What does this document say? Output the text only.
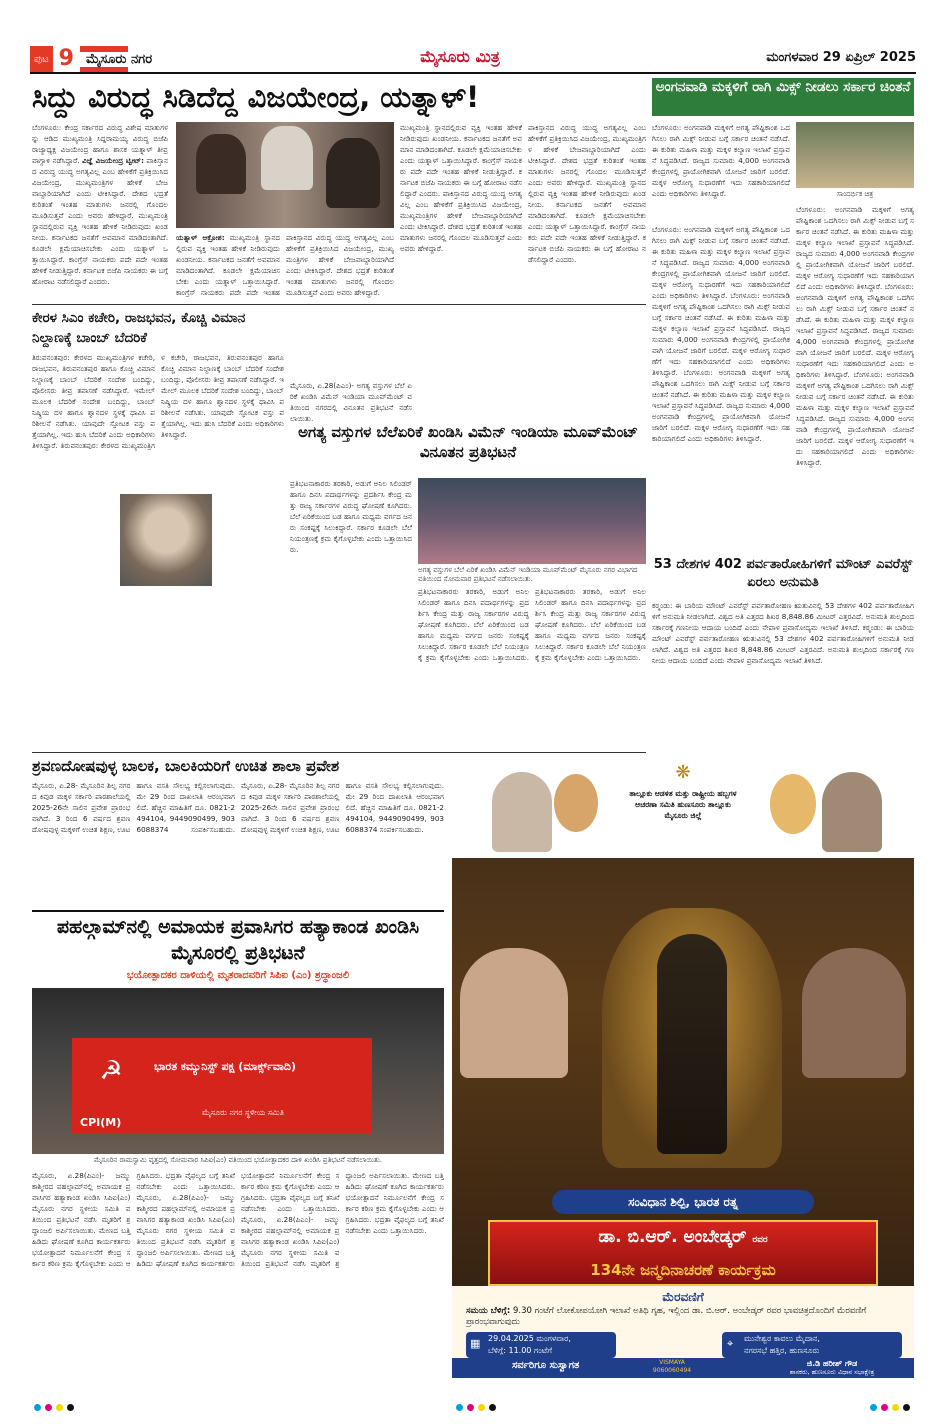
ಪುಟ 9 ಮೈಸೂರು ನಗರ	ಮೈಸೂರು ಮಿತ್ರ	ಮಂಗಳವಾರ 29 ಏಪ್ರಿಲ್ 2025
ಸಿದ್ದು ವಿರುದ್ಧ ಸಿಡಿದೆದ್ದ ವಿಜಯೇಂದ್ರ, ಯತ್ನಾಳ್!
ಬೆಂಗಳೂರು: ಕೇಂದ್ರ ಸರ್ಕಾರದ ವಿರುದ್ಧ ವಿಶೇಷ ಮಾತುಗಳನ್ನು ಆಡಿದ ಮುಖ್ಯಮಂತ್ರಿ ಸಿದ್ದರಾಮಯ್ಯ ವಿರುದ್ಧ ಬಿಜೆಪಿ ರಾಜ್ಯಾಧ್ಯಕ್ಷ ವಿಜಯೇಂದ್ರ ಹಾಗೂ ಶಾಸಕ ಯತ್ನಾಳ್ ತೀವ್ರ ವಾಗ್ದಾಳಿ ನಡೆಸಿದ್ದಾರೆ. ವಿಜ್ಞೆ ವಿಜಯೇಂದ್ರ ಟ್ವೀಟ್: ಪಾಕಿಸ್ತಾನದ ವಿರುದ್ಧ ಯುದ್ಧ ಅಗತ್ಯವಿಲ್ಲ ಎಂಬ ಹೇಳಿಕೆಗೆ ಪ್ರತಿಕ್ರಿಯಿಸಿದ ವಿಜಯೇಂದ್ರ, ಮುಖ್ಯಮಂತ್ರಿಗಳ ಹೇಳಿಕೆ ಬೇಜವಾಬ್ದಾರಿಯಾಗಿದೆ ಎಂದು ಟೀಕಿಸಿದ್ದಾರೆ. ದೇಶದ ಭದ್ರತೆ ಕುರಿತಂತೆ ಇಂತಹ ಮಾತುಗಳು ಜನರಲ್ಲಿ ಗೊಂದಲ ಮೂಡಿಸುತ್ತವೆ ಎಂದು ಅವರು ಹೇಳಿದ್ದಾರೆ. ಮುಖ್ಯಮಂತ್ರಿ ಸ್ಥಾನದಲ್ಲಿರುವ ವ್ಯಕ್ತಿ ಇಂತಹ ಹೇಳಿಕೆ ನೀಡಿರುವುದು ಖಂಡನೀಯ. ಕರ್ನಾಟಕದ ಜನತೆಗೆ ಅವಮಾನ ಮಾಡಿದಂತಾಗಿದೆ. ಕೂಡಲೇ ಕ್ಷಮೆಯಾಚಿಸಬೇಕು ಎಂದು ಯತ್ನಾಳ್ ಒತ್ತಾಯಿಸಿದ್ದಾರೆ. ಕಾಂಗ್ರೆಸ್ ನಾಯಕರು ಪದೇ ಪದೇ ಇಂತಹ ಹೇಳಿಕೆ ನೀಡುತ್ತಿದ್ದಾರೆ. ಕರ್ನಾಟಕ ಬಿಜೆಪಿ ನಾಯಕರು ಈ ಬಗ್ಗೆ ಹೋರಾಟ ನಡೆಸಲಿದ್ದಾರೆ ಎಂದರು.
ಯತ್ನಾಳ್ ಆಕ್ರೋಶ: ಮುಖ್ಯಮಂತ್ರಿ ಸ್ಥಾನದಲ್ಲಿರುವ ವ್ಯಕ್ತಿ ಇಂತಹ ಹೇಳಿಕೆ ನೀಡಿರುವುದು ಖಂಡನೀಯ. ಕರ್ನಾಟಕದ ಜನತೆಗೆ ಅವಮಾನ ಮಾಡಿದಂತಾಗಿದೆ. ಕೂಡಲೇ ಕ್ಷಮೆಯಾಚಿಸಬೇಕು ಎಂದು ಯತ್ನಾಳ್ ಒತ್ತಾಯಿಸಿದ್ದಾರೆ. ಕಾಂಗ್ರೆಸ್ ನಾಯಕರು ಪದೇ ಪದೇ ಇಂತಹ
ಪಾಕಿಸ್ತಾನದ ವಿರುದ್ಧ ಯುದ್ಧ ಅಗತ್ಯವಿಲ್ಲ ಎಂಬ ಹೇಳಿಕೆಗೆ ಪ್ರತಿಕ್ರಿಯಿಸಿದ ವಿಜಯೇಂದ್ರ, ಮುಖ್ಯಮಂತ್ರಿಗಳ ಹೇಳಿಕೆ ಬೇಜವಾಬ್ದಾರಿಯಾಗಿದೆ ಎಂದು ಟೀಕಿಸಿದ್ದಾರೆ. ದೇಶದ ಭದ್ರತೆ ಕುರಿತಂತೆ ಇಂತಹ ಮಾತುಗಳು ಜನರಲ್ಲಿ ಗೊಂದಲ ಮೂಡಿಸುತ್ತವೆ ಎಂದು ಅವರು ಹೇಳಿದ್ದಾರೆ.
ಮುಖ್ಯಮಂತ್ರಿ ಸ್ಥಾನದಲ್ಲಿರುವ ವ್ಯಕ್ತಿ ಇಂತಹ ಹೇಳಿಕೆ ನೀಡಿರುವುದು ಖಂಡನೀಯ. ಕರ್ನಾಟಕದ ಜನತೆಗೆ ಅವಮಾನ ಮಾಡಿದಂತಾಗಿದೆ. ಕೂಡಲೇ ಕ್ಷಮೆಯಾಚಿಸಬೇಕು ಎಂದು ಯತ್ನಾಳ್ ಒತ್ತಾಯಿಸಿದ್ದಾರೆ. ಕಾಂಗ್ರೆಸ್ ನಾಯಕರು ಪದೇ ಪದೇ ಇಂತಹ ಹೇಳಿಕೆ ನೀಡುತ್ತಿದ್ದಾರೆ. ಕರ್ನಾಟಕ ಬಿಜೆಪಿ ನಾಯಕರು ಈ ಬಗ್ಗೆ ಹೋರಾಟ ನಡೆಸಲಿದ್ದಾರೆ ಎಂದರು. ಪಾಕಿಸ್ತಾನದ ವಿರುದ್ಧ ಯುದ್ಧ ಅಗತ್ಯವಿಲ್ಲ ಎಂಬ ಹೇಳಿಕೆಗೆ ಪ್ರತಿಕ್ರಿಯಿಸಿದ ವಿಜಯೇಂದ್ರ, ಮುಖ್ಯಮಂತ್ರಿಗಳ ಹೇಳಿಕೆ ಬೇಜವಾಬ್ದಾರಿಯಾಗಿದೆ ಎಂದು ಟೀಕಿಸಿದ್ದಾರೆ. ದೇಶದ ಭದ್ರತೆ ಕುರಿತಂತೆ ಇಂತಹ ಮಾತುಗಳು ಜನರಲ್ಲಿ ಗೊಂದಲ ಮೂಡಿಸುತ್ತವೆ ಎಂದು ಅವರು ಹೇಳಿದ್ದಾರೆ.
ಪಾಕಿಸ್ತಾನದ ವಿರುದ್ಧ ಯುದ್ಧ ಅಗತ್ಯವಿಲ್ಲ ಎಂಬ ಹೇಳಿಕೆಗೆ ಪ್ರತಿಕ್ರಿಯಿಸಿದ ವಿಜಯೇಂದ್ರ, ಮುಖ್ಯಮಂತ್ರಿಗಳ ಹೇಳಿಕೆ ಬೇಜವಾಬ್ದಾರಿಯಾಗಿದೆ ಎಂದು ಟೀಕಿಸಿದ್ದಾರೆ. ದೇಶದ ಭದ್ರತೆ ಕುರಿತಂತೆ ಇಂತಹ ಮಾತುಗಳು ಜನರಲ್ಲಿ ಗೊಂದಲ ಮೂಡಿಸುತ್ತವೆ ಎಂದು ಅವರು ಹೇಳಿದ್ದಾರೆ. ಮುಖ್ಯಮಂತ್ರಿ ಸ್ಥಾನದಲ್ಲಿರುವ ವ್ಯಕ್ತಿ ಇಂತಹ ಹೇಳಿಕೆ ನೀಡಿರುವುದು ಖಂಡನೀಯ. ಕರ್ನಾಟಕದ ಜನತೆಗೆ ಅವಮಾನ ಮಾಡಿದಂತಾಗಿದೆ. ಕೂಡಲೇ ಕ್ಷಮೆಯಾಚಿಸಬೇಕು ಎಂದು ಯತ್ನಾಳ್ ಒತ್ತಾಯಿಸಿದ್ದಾರೆ. ಕಾಂಗ್ರೆಸ್ ನಾಯಕರು ಪದೇ ಪದೇ ಇಂತಹ ಹೇಳಿಕೆ ನೀಡುತ್ತಿದ್ದಾರೆ. ಕರ್ನಾಟಕ ಬಿಜೆಪಿ ನಾಯಕರು ಈ ಬಗ್ಗೆ ಹೋರಾಟ ನಡೆಸಲಿದ್ದಾರೆ ಎಂದರು.
ಅಂಗನವಾಡಿ ಮಕ್ಕಳಿಗೆ ರಾಗಿ ಮಿಕ್ಸ್ ನೀಡಲು ಸರ್ಕಾರ ಚಿಂತನೆ
ಬೆಂಗಳೂರು: ಅಂಗನವಾಡಿ ಮಕ್ಕಳಿಗೆ ಅಗತ್ಯ ಪೌಷ್ಟಿಕಾಂಶ ಒದಗಿಸಲು ರಾಗಿ ಮಿಕ್ಸ್ ನೀಡುವ ಬಗ್ಗೆ ಸರ್ಕಾರ ಚಿಂತನೆ ನಡೆಸಿದೆ. ಈ ಕುರಿತು ಮಹಿಳಾ ಮತ್ತು ಮಕ್ಕಳ ಕಲ್ಯಾಣ ಇಲಾಖೆ ಪ್ರಸ್ತಾವನೆ ಸಿದ್ಧಪಡಿಸಿದೆ. ರಾಜ್ಯದ ಸುಮಾರು 4,000 ಅಂಗನವಾಡಿ ಕೇಂದ್ರಗಳಲ್ಲಿ ಪ್ರಾಯೋಗಿಕವಾಗಿ ಯೋಜನೆ ಜಾರಿಗೆ ಬರಲಿದೆ. ಮಕ್ಕಳ ಆರೋಗ್ಯ ಸುಧಾರಣೆಗೆ ಇದು ಸಹಕಾರಿಯಾಗಲಿದೆ ಎಂದು ಅಧಿಕಾರಿಗಳು ತಿಳಿಸಿದ್ದಾರೆ.	ಸಾಂದರ್ಭಿಕ ಚಿತ್ರ
ಬೆಂಗಳೂರು: ಅಂಗನವಾಡಿ ಮಕ್ಕಳಿಗೆ ಅಗತ್ಯ ಪೌಷ್ಟಿಕಾಂಶ ಒದಗಿಸಲು ರಾಗಿ ಮಿಕ್ಸ್ ನೀಡುವ ಬಗ್ಗೆ ಸರ್ಕಾರ ಚಿಂತನೆ ನಡೆಸಿದೆ. ಈ ಕುರಿತು ಮಹಿಳಾ ಮತ್ತು ಮಕ್ಕಳ ಕಲ್ಯಾಣ ಇಲಾಖೆ ಪ್ರಸ್ತಾವನೆ ಸಿದ್ಧಪಡಿಸಿದೆ. ರಾಜ್ಯದ ಸುಮಾರು 4,000 ಅಂಗನವಾಡಿ ಕೇಂದ್ರಗಳಲ್ಲಿ ಪ್ರಾಯೋಗಿಕವಾಗಿ ಯೋಜನೆ ಜಾರಿಗೆ ಬರಲಿದೆ. ಮಕ್ಕಳ ಆರೋಗ್ಯ ಸುಧಾರಣೆಗೆ ಇದು ಸಹಕಾರಿಯಾಗಲಿದೆ ಎಂದು ಅಧಿಕಾರಿಗಳು ತಿಳಿಸಿದ್ದಾರೆ. ಬೆಂಗಳೂರು: ಅಂಗನವಾಡಿ ಮಕ್ಕಳಿಗೆ ಅಗತ್ಯ ಪೌಷ್ಟಿಕಾಂಶ ಒದಗಿಸಲು ರಾಗಿ ಮಿಕ್ಸ್ ನೀಡುವ ಬಗ್ಗೆ ಸರ್ಕಾರ ಚಿಂತನೆ ನಡೆಸಿದೆ. ಈ ಕುರಿತು ಮಹಿಳಾ ಮತ್ತು ಮಕ್ಕಳ ಕಲ್ಯಾಣ ಇಲಾಖೆ ಪ್ರಸ್ತಾವನೆ ಸಿದ್ಧಪಡಿಸಿದೆ. ರಾಜ್ಯದ ಸುಮಾರು 4,000 ಅಂಗನವಾಡಿ ಕೇಂದ್ರಗಳಲ್ಲಿ ಪ್ರಾಯೋಗಿಕವಾಗಿ ಯೋಜನೆ ಜಾರಿಗೆ ಬರಲಿದೆ. ಮಕ್ಕಳ ಆರೋಗ್ಯ ಸುಧಾರಣೆಗೆ ಇದು ಸಹಕಾರಿಯಾಗಲಿದೆ ಎಂದು ಅಧಿಕಾರಿಗಳು ತಿಳಿಸಿದ್ದಾರೆ. ಬೆಂಗಳೂರು: ಅಂಗನವಾಡಿ ಮಕ್ಕಳಿಗೆ ಅಗತ್ಯ ಪೌಷ್ಟಿಕಾಂಶ ಒದಗಿಸಲು ರಾಗಿ ಮಿಕ್ಸ್ ನೀಡುವ ಬಗ್ಗೆ ಸರ್ಕಾರ ಚಿಂತನೆ ನಡೆಸಿದೆ. ಈ ಕುರಿತು ಮಹಿಳಾ ಮತ್ತು ಮಕ್ಕಳ ಕಲ್ಯಾಣ ಇಲಾಖೆ ಪ್ರಸ್ತಾವನೆ ಸಿದ್ಧಪಡಿಸಿದೆ. ರಾಜ್ಯದ ಸುಮಾರು 4,000 ಅಂಗನವಾಡಿ ಕೇಂದ್ರಗಳಲ್ಲಿ ಪ್ರಾಯೋಗಿಕವಾಗಿ ಯೋಜನೆ ಜಾರಿಗೆ ಬರಲಿದೆ. ಮಕ್ಕಳ ಆರೋಗ್ಯ ಸುಧಾರಣೆಗೆ ಇದು ಸಹಕಾರಿಯಾಗಲಿದೆ ಎಂದು ಅಧಿಕಾರಿಗಳು ತಿಳಿಸಿದ್ದಾರೆ.
ಬೆಂಗಳೂರು: ಅಂಗನವಾಡಿ ಮಕ್ಕಳಿಗೆ ಅಗತ್ಯ ಪೌಷ್ಟಿಕಾಂಶ ಒದಗಿಸಲು ರಾಗಿ ಮಿಕ್ಸ್ ನೀಡುವ ಬಗ್ಗೆ ಸರ್ಕಾರ ಚಿಂತನೆ ನಡೆಸಿದೆ. ಈ ಕುರಿತು ಮಹಿಳಾ ಮತ್ತು ಮಕ್ಕಳ ಕಲ್ಯಾಣ ಇಲಾಖೆ ಪ್ರಸ್ತಾವನೆ ಸಿದ್ಧಪಡಿಸಿದೆ. ರಾಜ್ಯದ ಸುಮಾರು 4,000 ಅಂಗನವಾಡಿ ಕೇಂದ್ರಗಳಲ್ಲಿ ಪ್ರಾಯೋಗಿಕವಾಗಿ ಯೋಜನೆ ಜಾರಿಗೆ ಬರಲಿದೆ. ಮಕ್ಕಳ ಆರೋಗ್ಯ ಸುಧಾರಣೆಗೆ ಇದು ಸಹಕಾರಿಯಾಗಲಿದೆ ಎಂದು ಅಧಿಕಾರಿಗಳು ತಿಳಿಸಿದ್ದಾರೆ. ಬೆಂಗಳೂರು: ಅಂಗನವಾಡಿ ಮಕ್ಕಳಿಗೆ ಅಗತ್ಯ ಪೌಷ್ಟಿಕಾಂಶ ಒದಗಿಸಲು ರಾಗಿ ಮಿಕ್ಸ್ ನೀಡುವ ಬಗ್ಗೆ ಸರ್ಕಾರ ಚಿಂತನೆ ನಡೆಸಿದೆ. ಈ ಕುರಿತು ಮಹಿಳಾ ಮತ್ತು ಮಕ್ಕಳ ಕಲ್ಯಾಣ ಇಲಾಖೆ ಪ್ರಸ್ತಾವನೆ ಸಿದ್ಧಪಡಿಸಿದೆ. ರಾಜ್ಯದ ಸುಮಾರು 4,000 ಅಂಗನವಾಡಿ ಕೇಂದ್ರಗಳಲ್ಲಿ ಪ್ರಾಯೋಗಿಕವಾಗಿ ಯೋಜನೆ ಜಾರಿಗೆ ಬರಲಿದೆ. ಮಕ್ಕಳ ಆರೋಗ್ಯ ಸುಧಾರಣೆಗೆ ಇದು ಸಹಕಾರಿಯಾಗಲಿದೆ ಎಂದು ಅಧಿಕಾರಿಗಳು ತಿಳಿಸಿದ್ದಾರೆ. ಬೆಂಗಳೂರು: ಅಂಗನವಾಡಿ ಮಕ್ಕಳಿಗೆ ಅಗತ್ಯ ಪೌಷ್ಟಿಕಾಂಶ ಒದಗಿಸಲು ರಾಗಿ ಮಿಕ್ಸ್ ನೀಡುವ ಬಗ್ಗೆ ಸರ್ಕಾರ ಚಿಂತನೆ ನಡೆಸಿದೆ. ಈ ಕುರಿತು ಮಹಿಳಾ ಮತ್ತು ಮಕ್ಕಳ ಕಲ್ಯಾಣ ಇಲಾಖೆ ಪ್ರಸ್ತಾವನೆ ಸಿದ್ಧಪಡಿಸಿದೆ. ರಾಜ್ಯದ ಸುಮಾರು 4,000 ಅಂಗನವಾಡಿ ಕೇಂದ್ರಗಳಲ್ಲಿ ಪ್ರಾಯೋಗಿಕವಾಗಿ ಯೋಜನೆ ಜಾರಿಗೆ ಬರಲಿದೆ. ಮಕ್ಕಳ ಆರೋಗ್ಯ ಸುಧಾರಣೆಗೆ ಇದು ಸಹಕಾರಿಯಾಗಲಿದೆ ಎಂದು ಅಧಿಕಾರಿಗಳು ತಿಳಿಸಿದ್ದಾರೆ.
ಕೇರಳ ಸಿಎಂ ಕಚೇರಿ, ರಾಜಭವನ, ಕೊಚ್ಚಿ ವಿಮಾನ ನಿಲ್ದಾಣಕ್ಕೆ ಬಾಂಬ್ ಬೆದರಿಕೆ
ತಿರುವನಂತಪುರ: ಕೇರಳದ ಮುಖ್ಯಮಂತ್ರಿಗಳ ಕಚೇರಿ, ರಾಜಭವನ, ತಿರುವನಂತಪುರ ಹಾಗೂ ಕೊಚ್ಚಿ ವಿಮಾನ ನಿಲ್ದಾಣಕ್ಕೆ ಬಾಂಬ್ ಬೆದರಿಕೆ ಸಂದೇಶ ಬಂದಿದ್ದು, ಪೊಲೀಸರು ತೀವ್ರ ತಪಾಸಣೆ ನಡೆಸಿದ್ದಾರೆ. ಇಮೇಲ್ ಮೂಲಕ ಬೆದರಿಕೆ ಸಂದೇಶ ಬಂದಿದ್ದು, ಬಾಂಬ್ ನಿಷ್ಕ್ರಿಯ ದಳ ಹಾಗೂ ಶ್ವಾನದಳ ಸ್ಥಳಕ್ಕೆ ಧಾವಿಸಿ ಪರಿಶೀಲನೆ ನಡೆಸಿತು. ಯಾವುದೇ ಸ್ಫೋಟಕ ವಸ್ತು ಪತ್ತೆಯಾಗಿಲ್ಲ. ಇದು ಹುಸಿ ಬೆದರಿಕೆ ಎಂದು ಅಧಿಕಾರಿಗಳು ತಿಳಿಸಿದ್ದಾರೆ. ತಿರುವನಂತಪುರ: ಕೇರಳದ ಮುಖ್ಯಮಂತ್ರಿಗಳ ಕಚೇರಿ, ರಾಜಭವನ, ತಿರುವನಂತಪುರ ಹಾಗೂ ಕೊಚ್ಚಿ ವಿಮಾನ ನಿಲ್ದಾಣಕ್ಕೆ ಬಾಂಬ್ ಬೆದರಿಕೆ ಸಂದೇಶ ಬಂದಿದ್ದು, ಪೊಲೀಸರು ತೀವ್ರ ತಪಾಸಣೆ ನಡೆಸಿದ್ದಾರೆ. ಇಮೇಲ್ ಮೂಲಕ ಬೆದರಿಕೆ ಸಂದೇಶ ಬಂದಿದ್ದು, ಬಾಂಬ್ ನಿಷ್ಕ್ರಿಯ ದಳ ಹಾಗೂ ಶ್ವಾನದಳ ಸ್ಥಳಕ್ಕೆ ಧಾವಿಸಿ ಪರಿಶೀಲನೆ ನಡೆಸಿತು. ಯಾವುದೇ ಸ್ಫೋಟಕ ವಸ್ತು ಪತ್ತೆಯಾಗಿಲ್ಲ. ಇದು ಹುಸಿ ಬೆದರಿಕೆ ಎಂದು ಅಧಿಕಾರಿಗಳು ತಿಳಿಸಿದ್ದಾರೆ.	ಅಗತ್ಯ ವಸ್ತುಗಳ ಬೆಲೆಏರಿಕೆ ಖಂಡಿಸಿ ವಿಮೆನ್ ಇಂಡಿಯಾ ಮೂವ್‌ಮೆಂಟ್ ವಿನೂತನ ಪ್ರತಿಭಟನೆ
ಮೈಸೂರು, ಏ.28(ಪಿಎಂ)- ಅಗತ್ಯ ವಸ್ತುಗಳ ಬೆಲೆ ಏರಿಕೆ ಖಂಡಿಸಿ ವಿಮೆನ್ ಇಂಡಿಯಾ ಮೂವ್‌ಮೆಂಟ್ ವತಿಯಿಂದ ನಗರದಲ್ಲಿ ವಿನೂತನ ಪ್ರತಿಭಟನೆ ನಡೆಸಲಾಯಿತು.
ಅಗತ್ಯ ವಸ್ತುಗಳ ಬೆಲೆ ಏರಿಕೆ ಖಂಡಿಸಿ ವಿಮೆನ್ ಇಂಡಿಯಾ ಮೂವ್‌ಮೆಂಟ್ ಮೈಸೂರು ನಗರ ವಿಭಾಗದ ವತಿಯಿಂದ ಸೋಮವಾರ ಪ್ರತಿಭಟನೆ ನಡೆಸಲಾಯಿತು.
ಪ್ರತಿಭಟನಾಕಾರರು ತರಕಾರಿ, ಅಡುಗೆ ಅನಿಲ ಸಿಲಿಂಡರ್ ಹಾಗೂ ದಿನಸಿ ಪದಾರ್ಥಗಳನ್ನು ಪ್ರದರ್ಶಿಸಿ ಕೇಂದ್ರ ಮತ್ತು ರಾಜ್ಯ ಸರ್ಕಾರಗಳ ವಿರುದ್ಧ ಘೋಷಣೆ ಕೂಗಿದರು. ಬೆಲೆ ಏರಿಕೆಯಿಂದ ಬಡ ಹಾಗೂ ಮಧ್ಯಮ ವರ್ಗದ ಜನರು ಸಂಕಷ್ಟಕ್ಕೆ ಸಿಲುಕಿದ್ದಾರೆ. ಸರ್ಕಾರ ಕೂಡಲೇ ಬೆಲೆ ನಿಯಂತ್ರಣಕ್ಕೆ ಕ್ರಮ ಕೈಗೊಳ್ಳಬೇಕು ಎಂದು ಒತ್ತಾಯಿಸಿದರು.
ಪ್ರತಿಭಟನಾಕಾರರು ತರಕಾರಿ, ಅಡುಗೆ ಅನಿಲ ಸಿಲಿಂಡರ್ ಹಾಗೂ ದಿನಸಿ ಪದಾರ್ಥಗಳನ್ನು ಪ್ರದರ್ಶಿಸಿ ಕೇಂದ್ರ ಮತ್ತು ರಾಜ್ಯ ಸರ್ಕಾರಗಳ ವಿರುದ್ಧ ಘೋಷಣೆ ಕೂಗಿದರು. ಬೆಲೆ ಏರಿಕೆಯಿಂದ ಬಡ ಹಾಗೂ ಮಧ್ಯಮ ವರ್ಗದ ಜನರು ಸಂಕಷ್ಟಕ್ಕೆ ಸಿಲುಕಿದ್ದಾರೆ. ಸರ್ಕಾರ ಕೂಡಲೇ ಬೆಲೆ ನಿಯಂತ್ರಣಕ್ಕೆ ಕ್ರಮ ಕೈಗೊಳ್ಳಬೇಕು ಎಂದು ಒತ್ತಾಯಿಸಿದರು. ಪ್ರತಿಭಟನಾಕಾರರು ತರಕಾರಿ, ಅಡುಗೆ ಅನಿಲ ಸಿಲಿಂಡರ್ ಹಾಗೂ ದಿನಸಿ ಪದಾರ್ಥಗಳನ್ನು ಪ್ರದರ್ಶಿಸಿ ಕೇಂದ್ರ ಮತ್ತು ರಾಜ್ಯ ಸರ್ಕಾರಗಳ ವಿರುದ್ಧ ಘೋಷಣೆ ಕೂಗಿದರು. ಬೆಲೆ ಏರಿಕೆಯಿಂದ ಬಡ ಹಾಗೂ ಮಧ್ಯಮ ವರ್ಗದ ಜನರು ಸಂಕಷ್ಟಕ್ಕೆ ಸಿಲುಕಿದ್ದಾರೆ. ಸರ್ಕಾರ ಕೂಡಲೇ ಬೆಲೆ ನಿಯಂತ್ರಣಕ್ಕೆ ಕ್ರಮ ಕೈಗೊಳ್ಳಬೇಕು ಎಂದು ಒತ್ತಾಯಿಸಿದರು.
53 ದೇಶಗಳ 402 ಪರ್ವತಾರೋಹಿಗಳಿಗೆ ಮೌಂಟ್ ಎವರೆಸ್ಟ್ ಏರಲು ಅನುಮತಿ
ಕಠ್ಮಂಡು: ಈ ಬಾರಿಯ ಮೌಂಟ್ ಎವರೆಸ್ಟ್ ಪರ್ವತಾರೋಹಣ ಋತುವಿನಲ್ಲಿ 53 ದೇಶಗಳ 402 ಪರ್ವತಾರೋಹಿಗಳಿಗೆ ಅನುಮತಿ ನೀಡಲಾಗಿದೆ. ವಿಶ್ವದ ಅತಿ ಎತ್ತರದ ಶಿಖರ 8,848.86 ಮೀಟರ್ ಎತ್ತರವಿದೆ. ಅನುಮತಿ ಶುಲ್ಕದಿಂದ ಸರ್ಕಾರಕ್ಕೆ ಗಣನೀಯ ಆದಾಯ ಬಂದಿದೆ ಎಂದು ನೇಪಾಳ ಪ್ರವಾಸೋದ್ಯಮ ಇಲಾಖೆ ತಿಳಿಸಿದೆ. ಕಠ್ಮಂಡು: ಈ ಬಾರಿಯ ಮೌಂಟ್ ಎವರೆಸ್ಟ್ ಪರ್ವತಾರೋಹಣ ಋತುವಿನಲ್ಲಿ 53 ದೇಶಗಳ 402 ಪರ್ವತಾರೋಹಿಗಳಿಗೆ ಅನುಮತಿ ನೀಡಲಾಗಿದೆ. ವಿಶ್ವದ ಅತಿ ಎತ್ತರದ ಶಿಖರ 8,848.86 ಮೀಟರ್ ಎತ್ತರವಿದೆ. ಅನುಮತಿ ಶುಲ್ಕದಿಂದ ಸರ್ಕಾರಕ್ಕೆ ಗಣನೀಯ ಆದಾಯ ಬಂದಿದೆ ಎಂದು ನೇಪಾಳ ಪ್ರವಾಸೋದ್ಯಮ ಇಲಾಖೆ ತಿಳಿಸಿದೆ.
ಶ್ರವಣದೋಷವುಳ್ಳ ಬಾಲಕ, ಬಾಲಕಿಯರಿಗೆ ಉಚಿತ ಶಾಲಾ ಪ್ರವೇಶ
ಮೈಸೂರು, ಏ.28- ಮೈಸೂರಿನ ಶಿಲ್ಪ ನಗರದ ಕಿವುಡ ಮಕ್ಕಳ ಸರ್ಕಾರಿ ಪಾಠಶಾಲೆಯಲ್ಲಿ 2025-26ನೇ ಸಾಲಿನ ಪ್ರವೇಶ ಪ್ರಾರಂಭವಾಗಿದೆ. 3 ರಿಂದ 6 ವರ್ಷದ ಶ್ರವಣದೋಷವುಳ್ಳ ಮಕ್ಕಳಿಗೆ ಉಚಿತ ಶಿಕ್ಷಣ, ಊಟ ಹಾಗೂ ವಸತಿ ಸೌಲಭ್ಯ ಕಲ್ಪಿಸಲಾಗುವುದು. ಮೇ 29 ರಿಂದ ದಾಖಲಾತಿ ಆರಂಭವಾಗಲಿದೆ. ಹೆಚ್ಚಿನ ಮಾಹಿತಿಗೆ ದೂ. 0821-2494104, 9449090499, 9036088374 ಸಂಪರ್ಕಿಸಬಹುದು. ಮೈಸೂರು, ಏ.28- ಮೈಸೂರಿನ ಶಿಲ್ಪ ನಗರದ ಕಿವುಡ ಮಕ್ಕಳ ಸರ್ಕಾರಿ ಪಾಠಶಾಲೆಯಲ್ಲಿ 2025-26ನೇ ಸಾಲಿನ ಪ್ರವೇಶ ಪ್ರಾರಂಭವಾಗಿದೆ. 3 ರಿಂದ 6 ವರ್ಷದ ಶ್ರವಣದೋಷವುಳ್ಳ ಮಕ್ಕಳಿಗೆ ಉಚಿತ ಶಿಕ್ಷಣ, ಊಟ ಹಾಗೂ ವಸತಿ ಸೌಲಭ್ಯ ಕಲ್ಪಿಸಲಾಗುವುದು. ಮೇ 29 ರಿಂದ ದಾಖಲಾತಿ ಆರಂಭವಾಗಲಿದೆ. ಹೆಚ್ಚಿನ ಮಾಹಿತಿಗೆ ದೂ. 0821-2494104, 9449090499, 9036088374 ಸಂಪರ್ಕಿಸಬಹುದು.
ಪಹಲ್ಗಾಮ್‌ನಲ್ಲಿ ಅಮಾಯಕ ಪ್ರವಾಸಿಗರ ಹತ್ಯಾಕಾಂಡ ಖಂಡಿಸಿ ಮೈಸೂರಲ್ಲಿ ಪ್ರತಿಭಟನೆ
ಭಯೋತ್ಪಾದಕರ ದಾಳಿಯಲ್ಲಿ ಮೃತರಾದವರಿಗೆ ಸಿಪಿಐ (ಎಂ) ಶ್ರದ್ಧಾಂಜಲಿ
☭
CPI(M)
ಭಾರತ ಕಮ್ಯುನಿಸ್ಟ್ ಪಕ್ಷ (ಮಾರ್ಕ್ಸ್‌ವಾದಿ)
ಮೈಸೂರು ನಗರ ಸ್ಥಳೀಯ ಸಮಿತಿ
ಮೈಸೂರಿನ ರಾಮಸ್ವಾಮಿ ವೃತ್ತದಲ್ಲಿ ಸೋಮವಾರ ಸಿಪಿಐ(ಎಂ) ವತಿಯಿಂದ ಭಯೋತ್ಪಾದಕರ ದಾಳಿ ಖಂಡಿಸಿ ಪ್ರತಿಭಟನೆ ನಡೆಸಲಾಯಿತು.
ಮೈಸೂರು, ಏ.28(ಪಿಎಂ)- ಜಮ್ಮು ಕಾಶ್ಮೀರದ ಪಹಲ್ಗಾಮ್‌ನಲ್ಲಿ ಅಮಾಯಕ ಪ್ರವಾಸಿಗರ ಹತ್ಯಾಕಾಂಡ ಖಂಡಿಸಿ ಸಿಪಿಐ(ಎಂ) ಮೈಸೂರು ನಗರ ಸ್ಥಳೀಯ ಸಮಿತಿ ವತಿಯಿಂದ ಪ್ರತಿಭಟನೆ ನಡೆಸಿ ಮೃತರಿಗೆ ಶ್ರದ್ಧಾಂಜಲಿ ಅರ್ಪಿಸಲಾಯಿತು. ಮೇಣದ ಬತ್ತಿ ಹಿಡಿದು ಘೋಷಣೆ ಕೂಗಿದ ಕಾರ್ಯಕರ್ತರು ಭಯೋತ್ಪಾದನೆ ನಿರ್ಮೂಲನೆಗೆ ಕೇಂದ್ರ ಸರ್ಕಾರ ಕಠಿಣ ಕ್ರಮ ಕೈಗೊಳ್ಳಬೇಕು ಎಂದು ಆಗ್ರಹಿಸಿದರು. ಭದ್ರತಾ ವೈಫಲ್ಯದ ಬಗ್ಗೆ ತನಿಖೆ ನಡೆಸಬೇಕು ಎಂದು ಒತ್ತಾಯಿಸಿದರು. ಮೈಸೂರು, ಏ.28(ಪಿಎಂ)- ಜಮ್ಮು ಕಾಶ್ಮೀರದ ಪಹಲ್ಗಾಮ್‌ನಲ್ಲಿ ಅಮಾಯಕ ಪ್ರವಾಸಿಗರ ಹತ್ಯಾಕಾಂಡ ಖಂಡಿಸಿ ಸಿಪಿಐ(ಎಂ) ಮೈಸೂರು ನಗರ ಸ್ಥಳೀಯ ಸಮಿತಿ ವತಿಯಿಂದ ಪ್ರತಿಭಟನೆ ನಡೆಸಿ ಮೃತರಿಗೆ ಶ್ರದ್ಧಾಂಜಲಿ ಅರ್ಪಿಸಲಾಯಿತು. ಮೇಣದ ಬತ್ತಿ ಹಿಡಿದು ಘೋಷಣೆ ಕೂಗಿದ ಕಾರ್ಯಕರ್ತರು ಭಯೋತ್ಪಾದನೆ ನಿರ್ಮೂಲನೆಗೆ ಕೇಂದ್ರ ಸರ್ಕಾರ ಕಠಿಣ ಕ್ರಮ ಕೈಗೊಳ್ಳಬೇಕು ಎಂದು ಆಗ್ರಹಿಸಿದರು. ಭದ್ರತಾ ವೈಫಲ್ಯದ ಬಗ್ಗೆ ತನಿಖೆ ನಡೆಸಬೇಕು ಎಂದು ಒತ್ತಾಯಿಸಿದರು. ಮೈಸೂರು, ಏ.28(ಪಿಎಂ)- ಜಮ್ಮು ಕಾಶ್ಮೀರದ ಪಹಲ್ಗಾಮ್‌ನಲ್ಲಿ ಅಮಾಯಕ ಪ್ರವಾಸಿಗರ ಹತ್ಯಾಕಾಂಡ ಖಂಡಿಸಿ ಸಿಪಿಐ(ಎಂ) ಮೈಸೂರು ನಗರ ಸ್ಥಳೀಯ ಸಮಿತಿ ವತಿಯಿಂದ ಪ್ರತಿಭಟನೆ ನಡೆಸಿ ಮೃತರಿಗೆ ಶ್ರದ್ಧಾಂಜಲಿ ಅರ್ಪಿಸಲಾಯಿತು. ಮೇಣದ ಬತ್ತಿ ಹಿಡಿದು ಘೋಷಣೆ ಕೂಗಿದ ಕಾರ್ಯಕರ್ತರು ಭಯೋತ್ಪಾದನೆ ನಿರ್ಮೂಲನೆಗೆ ಕೇಂದ್ರ ಸರ್ಕಾರ ಕಠಿಣ ಕ್ರಮ ಕೈಗೊಳ್ಳಬೇಕು ಎಂದು ಆಗ್ರಹಿಸಿದರು. ಭದ್ರತಾ ವೈಫಲ್ಯದ ಬಗ್ಗೆ ತನಿಖೆ ನಡೆಸಬೇಕು ಎಂದು ಒತ್ತಾಯಿಸಿದರು.
❋
ತಾಲ್ಲೂಕು ಆಡಳಿತ ಮತ್ತು ರಾಷ್ಟ್ರೀಯ ಹಬ್ಬಗಳ
ಆಚರಣಾ ಸಮಿತಿ ಹುಣಸೂರು ತಾಲ್ಲೂಕು
ಮೈಸೂರು ಜಿಲ್ಲೆ
ಸಂವಿಧಾನ ಶಿಲ್ಪಿ, ಭಾರತ ರತ್ನ
ಡಾ. ಬಿ.ಆರ್. ಅಂಬೇಡ್ಕರ್ ರವರ
134ನೇ ಜನ್ಮದಿನಾಚರಣೆ ಕಾರ್ಯಕ್ರಮ
ಮೆರವಣಿಗೆ
ಸಮಯ ಬೆಳಿಗ್ಗೆ: 9.30 ಗಂಟೆಗೆ ಲೋಕೋಪಯೋಗಿ ಇಲಾಖೆ ಅತಿಥಿ ಗೃಹ, ಇಲ್ಲಿಂದ ಡಾ. ಬಿ.ಆರ್. ಅಂಬೇಡ್ಕರ್ ರವರ ಭಾವಚಿತ್ರದೊಂದಿಗೆ ಮೆರವಣಿಗೆ ಪ್ರಾರಂಭವಾಗುವುದು
▦ 29.04.2025 ಮಂಗಳವಾರ,
ಬೆಳಿಗ್ಗೆ: 11.00 ಗಂಟೆಗೆ
⌖ ಮುನೇಶ್ವರ ಕಾವಲು ಮೈದಾನ,
ನಗರಸಭೆ ಹತ್ತಿರ, ಹುಣಸೂರು
ಸರ್ವರಿಗೂ ಸುಸ್ವಾಗತ	VISMAYA
9060060494
ಜಿ.ಡಿ ಹರೀಶ್ ಗೌಡ
ಶಾಸಕರು, ಹುಣಸೂರು ವಿಧಾನ ಸಭಾಕ್ಷೇತ್ರ
